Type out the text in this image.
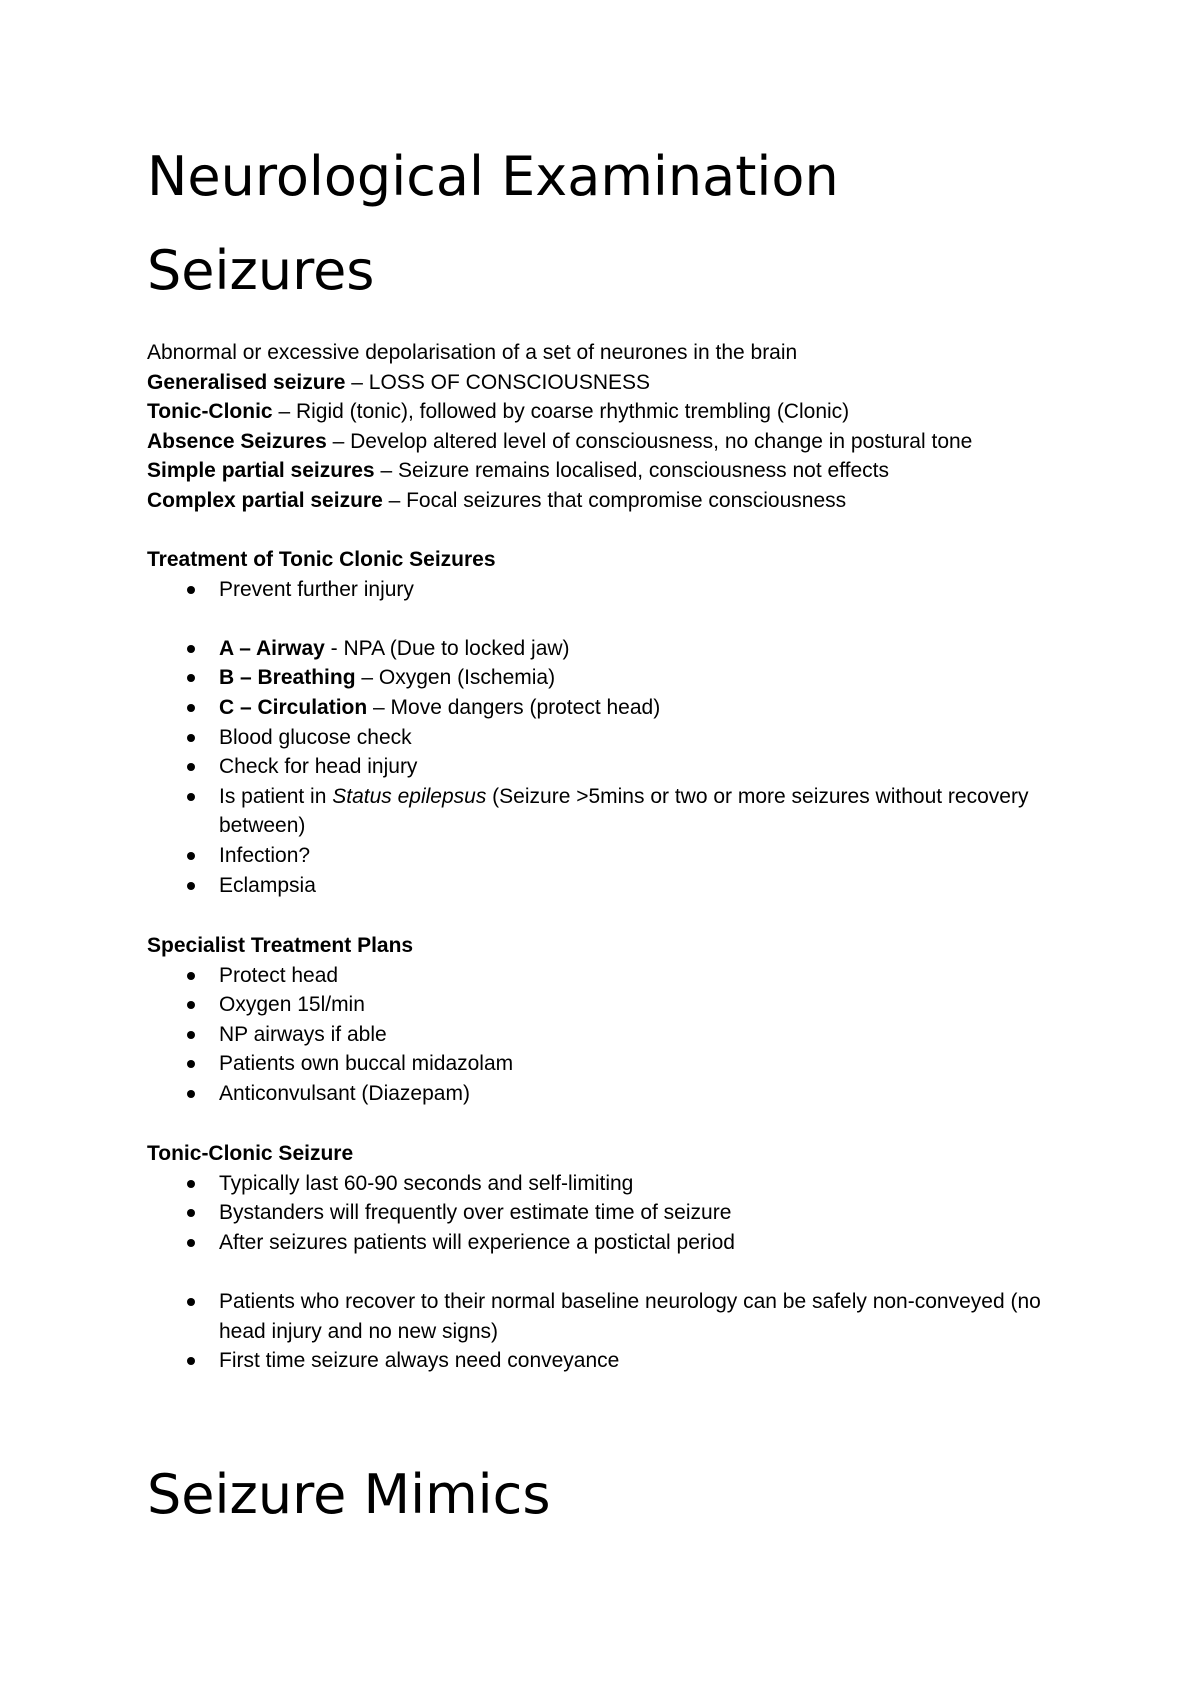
Neurological Examination
Seizures
Abnormal or excessive depolarisation of a set of neurones in the brain
Generalised seizure – LOSS OF CONSCIOUSNESS
Tonic-Clonic – Rigid (tonic), followed by coarse rhythmic trembling (Clonic)
Absence Seizures – Develop altered level of consciousness, no change in postural tone
Simple partial seizures – Seizure remains localised, consciousness not effects
Complex partial seizure – Focal seizures that compromise consciousness
Treatment of Tonic Clonic Seizures
Prevent further injury
A – Airway - NPA (Due to locked jaw)
B – Breathing – Oxygen (Ischemia)
C – Circulation – Move dangers (protect head)
Blood glucose check
Check for head injury
Is patient in Status epilepsus (Seizure >5mins or two or more seizures without recovery between)
Infection?
Eclampsia
Specialist Treatment Plans
Protect head
Oxygen 15l/min
NP airways if able
Patients own buccal midazolam
Anticonvulsant (Diazepam)
Tonic-Clonic Seizure
Typically last 60-90 seconds and self-limiting
Bystanders will frequently over estimate time of seizure
After seizures patients will experience a postictal period
Patients who recover to their normal baseline neurology can be safely non-conveyed (no head injury and no new signs)
First time seizure always need conveyance
Seizure Mimics
